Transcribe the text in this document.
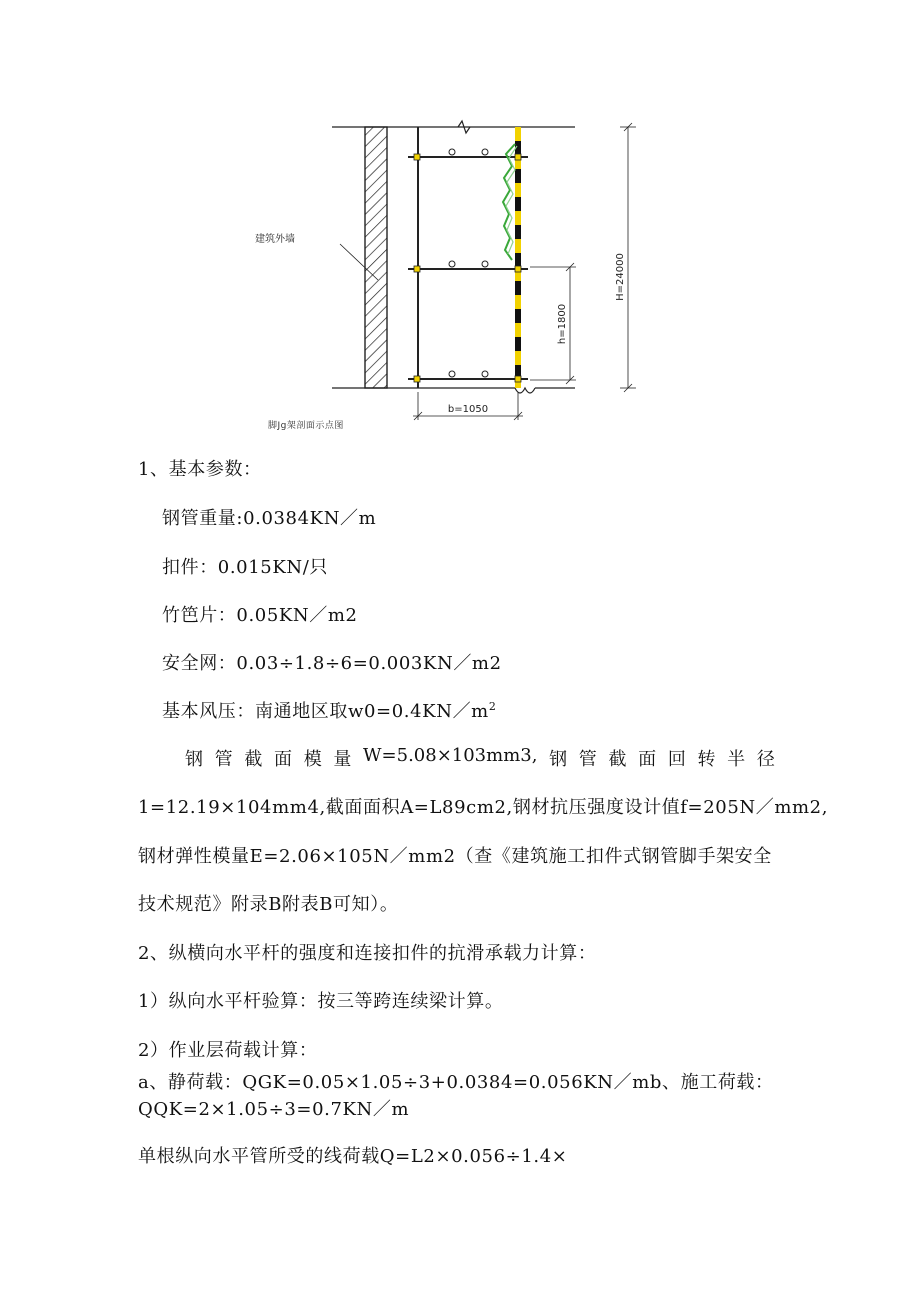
建筑外墙
H=24000
h=1800
b=1050
脚Jg架剖面示点图
1、基本参数：
钢管重量:0.0384KN／m
扣件：0.015KN/只
竹笆片：0.05KN／m2
安全网：0.03÷1.8÷6=0.003KN／m2
基本风压：南通地区取$w0=0.4KN/m^2$
钢 管 截 面 模 量 W=5.08×103mm3, 钢 管 截 面 回 转 半 径
1=12.19×104mm4,截面面积A=L89cm2,钢材抗压强度设计值f=205N／mm2,
钢材弹性模量E=2.06×105N／mm2（查《建筑施工扣件式钢管脚手架安全
技术规范》附录B附表B可知）。
2、纵横向水平杆的强度和连接扣件的抗滑承载力计算：
1）纵向水平杆验算：按三等跨连续梁计算。
2）作业层荷载计算：
a、静荷载：QGK=0.05×1.05÷3+0.0384=0.056KN／mb、施工荷载：
QQK=2×1.05÷3=0.7KN／m
单根纵向水平管所受的线荷载Q=L2×0.056÷1.4×
